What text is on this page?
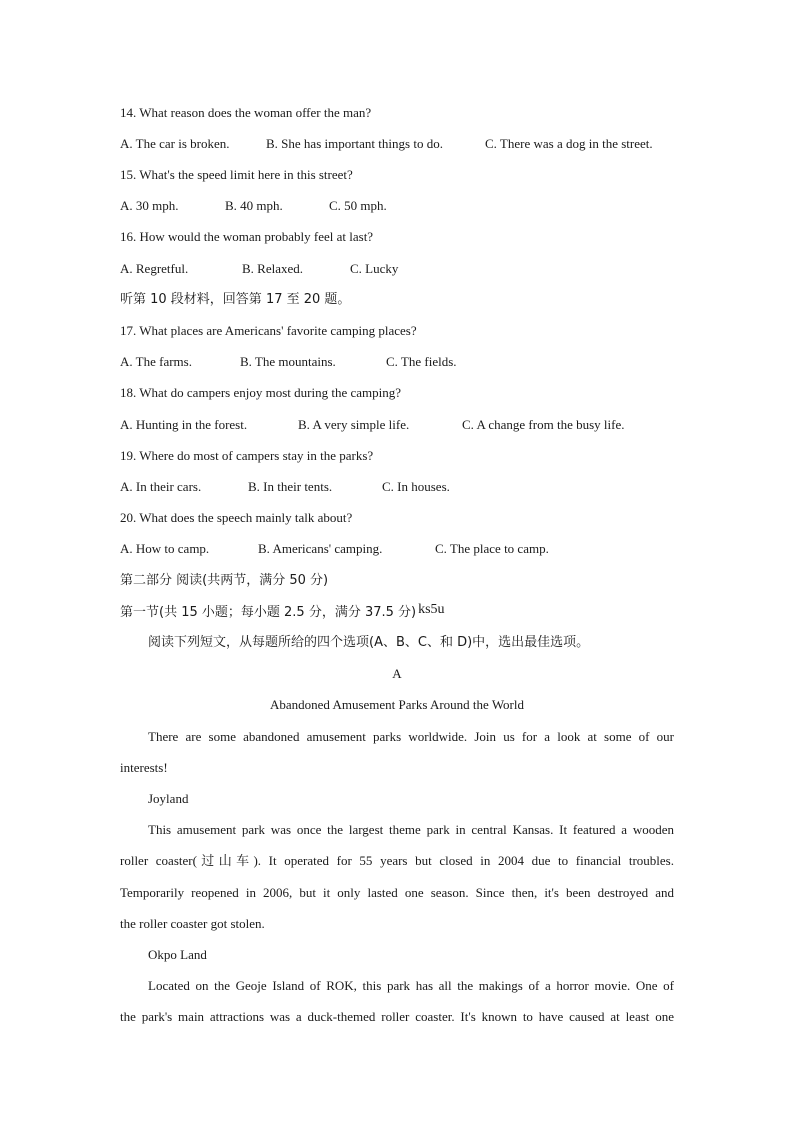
14. What reason does the woman offer the man?
A. The car is broken.	B. She has important things to do.	C. There was a dog in the street.
15. What's the speed limit here in this street?
A. 30 mph.	B. 40 mph.	C. 50 mph.
16. How would the woman probably feel at last?
A. Regretful.	B. Relaxed.	C. Lucky
听第 10 段材料，回答第 17 至 20 题。
17. What places are Americans' favorite camping places?
A. The farms.	B. The mountains.	C. The fields.
18. What do campers enjoy most during the camping?
A. Hunting in the forest.	B. A very simple life.	C. A change from the busy life.
19. Where do most of campers stay in the parks?
A. In their cars.	B. In their tents.	C. In houses.
20. What does the speech mainly talk about?
A. How to camp.	B. Americans' camping.	C. The place to camp.
第二部分 阅读(共两节，满分 50 分)
第一节(共 15 小题；每小题 2.5 分，满分 37.5 分) ks5u
阅读下列短文，从每题所给的四个选项(A、B、C、和 D)中，选出最佳选项。
A
Abandoned Amusement Parks Around the World
There are some abandoned amusement parks worldwide. Join us for a look at some of our
interests!
Joyland
This amusement park was once the largest theme park in central Kansas. It featured a wooden
roller coaster(过山车). It operated for 55 years but closed in 2004 due to financial troubles.
Temporarily reopened in 2006, but it only lasted one season. Since then, it's been destroyed and
the roller coaster got stolen.
Okpo Land
Located on the Geoje Island of ROK, this park has all the makings of a horror movie. One of
the park's main attractions was a duck-themed roller coaster. It's known to have caused at least one
